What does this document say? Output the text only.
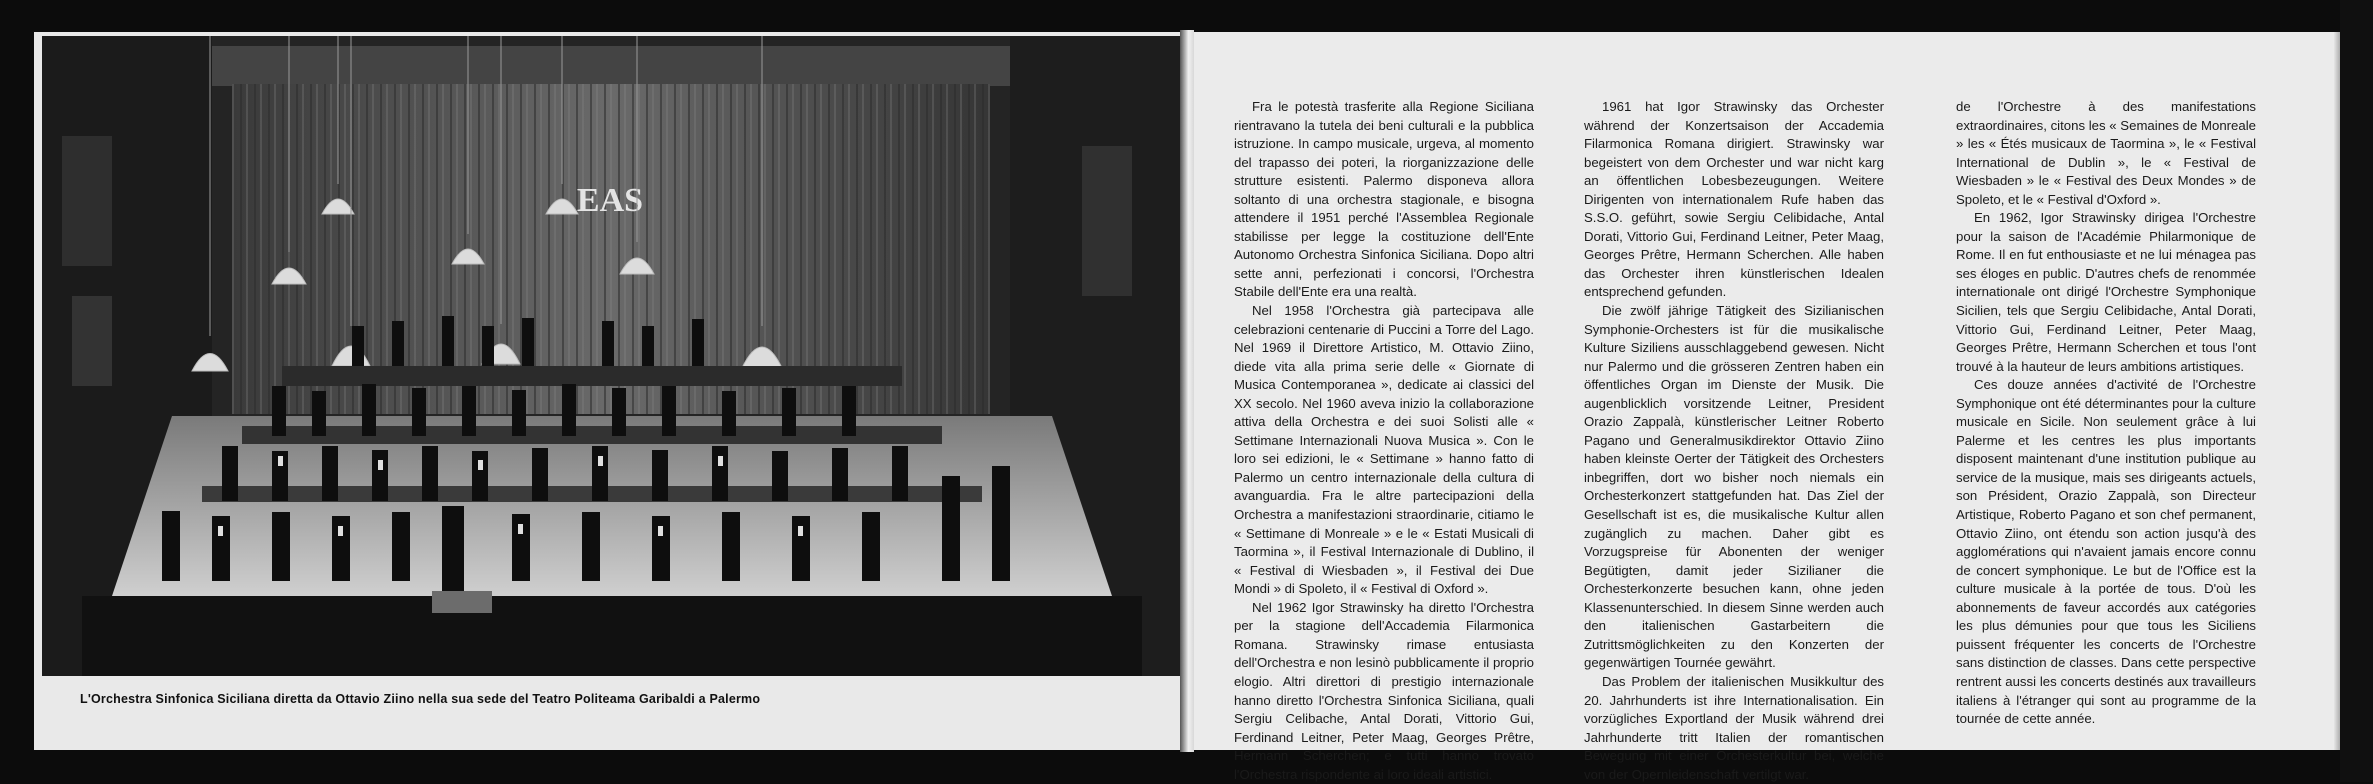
EAS
L'Orchestra Sinfonica Siciliana diretta da Ottavio Ziino nella sua sede del Teatro Politeama Garibaldi a Palermo

Fra le potestà trasferite alla Regione Siciliana rientravano la tutela dei beni culturali e la pubblica istruzione. In campo musicale, urgeva, al momento del trapasso dei poteri, la riorganizzazione delle strutture esistenti. Palermo disponeva allora soltanto di una orchestra stagionale, e bisogna attendere il 1951 perché l'Assemblea Regionale stabilisse per legge la costituzione dell'Ente Autonomo Orchestra Sinfonica Siciliana. Dopo altri sette anni, perfezionati i concorsi, l'Orchestra Stabile dell'Ente era una realtà.

Nel 1958 l'Orchestra già partecipava alle celebrazioni centenarie di Puccini a Torre del Lago. Nel 1969 il Direttore Artistico, M. Ottavio Ziino, diede vita alla prima serie delle « Giornate di Musica Contemporanea », dedicate ai classici del XX secolo. Nel 1960 aveva inizio la collaborazione attiva della Orchestra e dei suoi Solisti alle « Settimane Internazionali Nuova Musica ». Con le loro sei edizioni, le « Settimane » hanno fatto di Palermo un centro internazionale della cultura di avanguardia. Fra le altre partecipazioni della Orchestra a manifestazioni straordinarie, citiamo le « Settimane di Monreale » e le « Estati Musicali di Taormina », il Festival Internazionale di Dublino, il « Festival di Wiesbaden », il Festival dei Due Mondi » di Spoleto, il « Festival di Oxford ».

Nel 1962 Igor Strawinsky ha diretto l'Orchestra per la stagione dell'Accademia Filarmonica Romana. Strawinsky rimase entusiasta dell'Orchestra e non lesinò pubblicamente il proprio elogio. Altri direttori di prestigio internazionale hanno diretto l'Orchestra Sinfonica Siciliana, quali Sergiu Celibache, Antal Dorati, Vittorio Gui, Ferdinand Leitner, Peter Maag, Georges Prêtre, Hermann Scherchen; e tutti hanno trovato l'Orchestra rispondente ai loro ideali artistici.

1961 hat Igor Strawinsky das Orchester während der Konzertsaison der Accademia Filarmonica Romana dirigiert. Strawinsky war begeistert von dem Orchester und war nicht karg an öffentlichen Lobesbezeugungen. Weitere Dirigenten von internationalem Rufe haben das S.S.O. geführt, sowie Sergiu Celibidache, Antal Dorati, Vittorio Gui, Ferdinand Leitner, Peter Maag, Georges Prêtre, Hermann Scherchen. Alle haben das Orchester ihren künstlerischen Idealen entsprechend gefunden.

Die zwölf jährige Tätigkeit des Sizilianischen Symphonie-Orchesters ist für die musikalische Kulture Siziliens ausschlaggebend gewesen. Nicht nur Palermo und die grösseren Zentren haben ein öffentliches Organ im Dienste der Musik. Die augenblicklich vorsitzende Leitner, President Orazio Zappalà, künstlerischer Leitner Roberto Pagano und Generalmusikdirektor Ottavio Ziino haben kleinste Oerter der Tätigkeit des Orchesters inbegriffen, dort wo bisher noch niemals ein Orchesterkonzert stattgefunden hat. Das Ziel der Gesellschaft ist es, die musikalische Kultur allen zugänglich zu machen. Daher gibt es Vorzugspreise für Abonenten der weniger Begütigten, damit jeder Sizilianer die Orchesterkonzerte besuchen kann, ohne jeden Klassenunterschied. In diesem Sinne werden auch den italienischen Gastarbeitern die Zutrittsmöglichkeiten zu den Konzerten der gegenwärtigen Tournée gewährt.

Das Problem der italienischen Musikkultur des 20. Jahrhunderts ist ihre Internationalisation. Ein vorzügliches Exportland der Musik während drei Jahrhunderte tritt Italien der romantischen Bewegung mit einer Orchesterkultur bei, welche von der Opernleidenschaft vertilgt war.

de l'Orchestre à des manifestations extraordinaires, citons les « Semaines de Monreale » les « Étés musicaux de Taormina », le « Festival International de Dublin », le « Festival de Wiesbaden » le « Festival des Deux Mondes » de Spoleto, et le « Festival d'Oxford ».

En 1962, Igor Strawinsky dirigea l'Orchestre pour la saison de l'Académie Philarmonique de Rome. Il en fut enthousiaste et ne lui ménagea pas ses éloges en public. D'autres chefs de renommée internationale ont dirigé l'Orchestre Symphonique Sicilien, tels que Sergiu Celibidache, Antal Dorati, Vittorio Gui, Ferdinand Leitner, Peter Maag, Georges Prêtre, Hermann Scherchen et tous l'ont trouvé à la hauteur de leurs ambitions artistiques.

Ces douze années d'activité de l'Orchestre Symphonique ont été déterminantes pour la culture musicale en Sicile. Non seulement grâce à lui Palerme et les centres les plus importants disposent maintenant d'une institution publique au service de la musique, mais ses dirigeants actuels, son Président, Orazio Zappalà, son Directeur Artistique, Roberto Pagano et son chef permanent, Ottavio Ziino, ont étendu son action jusqu'à des agglomérations qui n'avaient jamais encore connu de concert symphonique. Le but de l'Office est la culture musicale à la portée de tous. D'où les abonnements de faveur accordés aux catégories les plus démunies pour que tous les Siciliens puissent fréquenter les concerts de l'Orchestre sans distinction de classes. Dans cette perspective rentrent aussi les concerts destinés aux travailleurs italiens à l'étranger qui sont au programme de la tournée de cette année.
